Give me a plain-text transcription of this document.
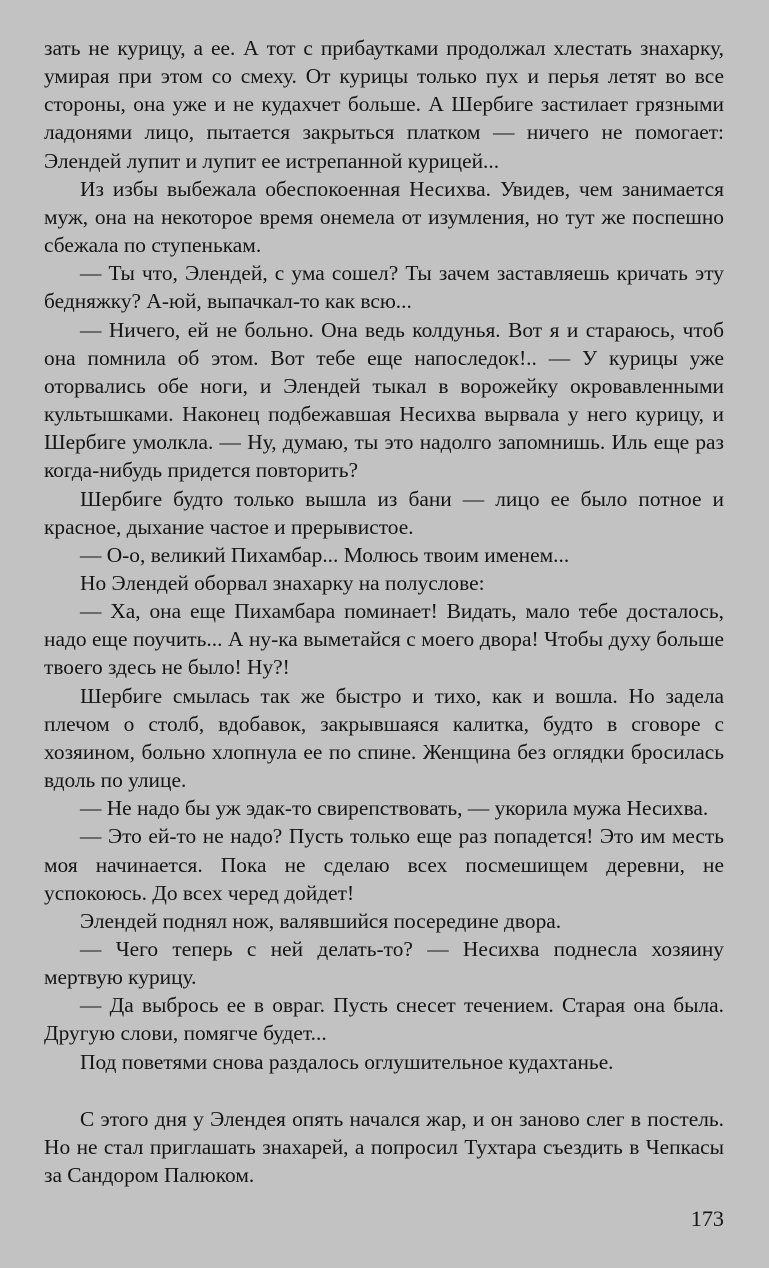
зать не курицу, а ее. А тот с прибаутками продолжал хлестать знахарку, умирая при этом со смеху. От курицы только пух и перья летят во все стороны, она уже и не кудахчет больше. А Шербиге застилает грязными ладонями лицо, пытается закрыться платком — ничего не помогает: Элендей лупит и лупит ее истрепанной курицей...

Из избы выбежала обеспокоенная Несихва. Увидев, чем занимается муж, она на некоторое время онемела от изумления, но тут же поспешно сбежала по ступенькам.

— Ты что, Элендей, с ума сошел? Ты зачем заставляешь кричать эту бедняжку? А-юй, выпачкал-то как всю...

— Ничего, ей не больно. Она ведь колдунья. Вот я и стараюсь, чтоб она помнила об этом. Вот тебе еще напоследок!.. — У курицы уже оторвались обе ноги, и Элендей тыкал в ворожейку окровавленными культышками. Наконец подбежавшая Несихва вырвала у него курицу, и Шербиге умолкла. — Ну, думаю, ты это надолго запомнишь. Иль еще раз когда-нибудь придется повторить?

Шербиге будто только вышла из бани — лицо ее было потное и красное, дыхание частое и прерывистое.

— О-о, великий Пихамбар... Молюсь твоим именем...

Но Элендей оборвал знахарку на полуслове:

— Ха, она еще Пихамбара поминает! Видать, мало тебе досталось, надо еще поучить... А ну-ка выметайся с моего двора! Чтобы духу больше твоего здесь не было! Ну?!

Шербиге смылась так же быстро и тихо, как и вошла. Но задела плечом о столб, вдобавок, закрывшаяся калитка, будто в сговоре с хозяином, больно хлопнула ее по спине. Женщина без оглядки бросилась вдоль по улице.

— Не надо бы уж эдак-то свирепствовать, — укорила мужа Несихва.

— Это ей-то не надо? Пусть только еще раз попадется! Это им месть моя начинается. Пока не сделаю всех посмешищем деревни, не успокоюсь. До всех черед дойдет!

Элендей поднял нож, валявшийся посередине двора.

— Чего теперь с ней делать-то? — Несихва поднесла хозяину мертвую курицу.

— Да выбрось ее в овраг. Пусть снесет течением. Старая она была. Другую слови, помягче будет...

Под поветями снова раздалось оглушительное кудахтанье.

С этого дня у Элендея опять начался жар, и он заново слег в постель. Но не стал приглашать знахарей, а попросил Тухтара съездить в Чепкасы за Сандором Палюком.

173
